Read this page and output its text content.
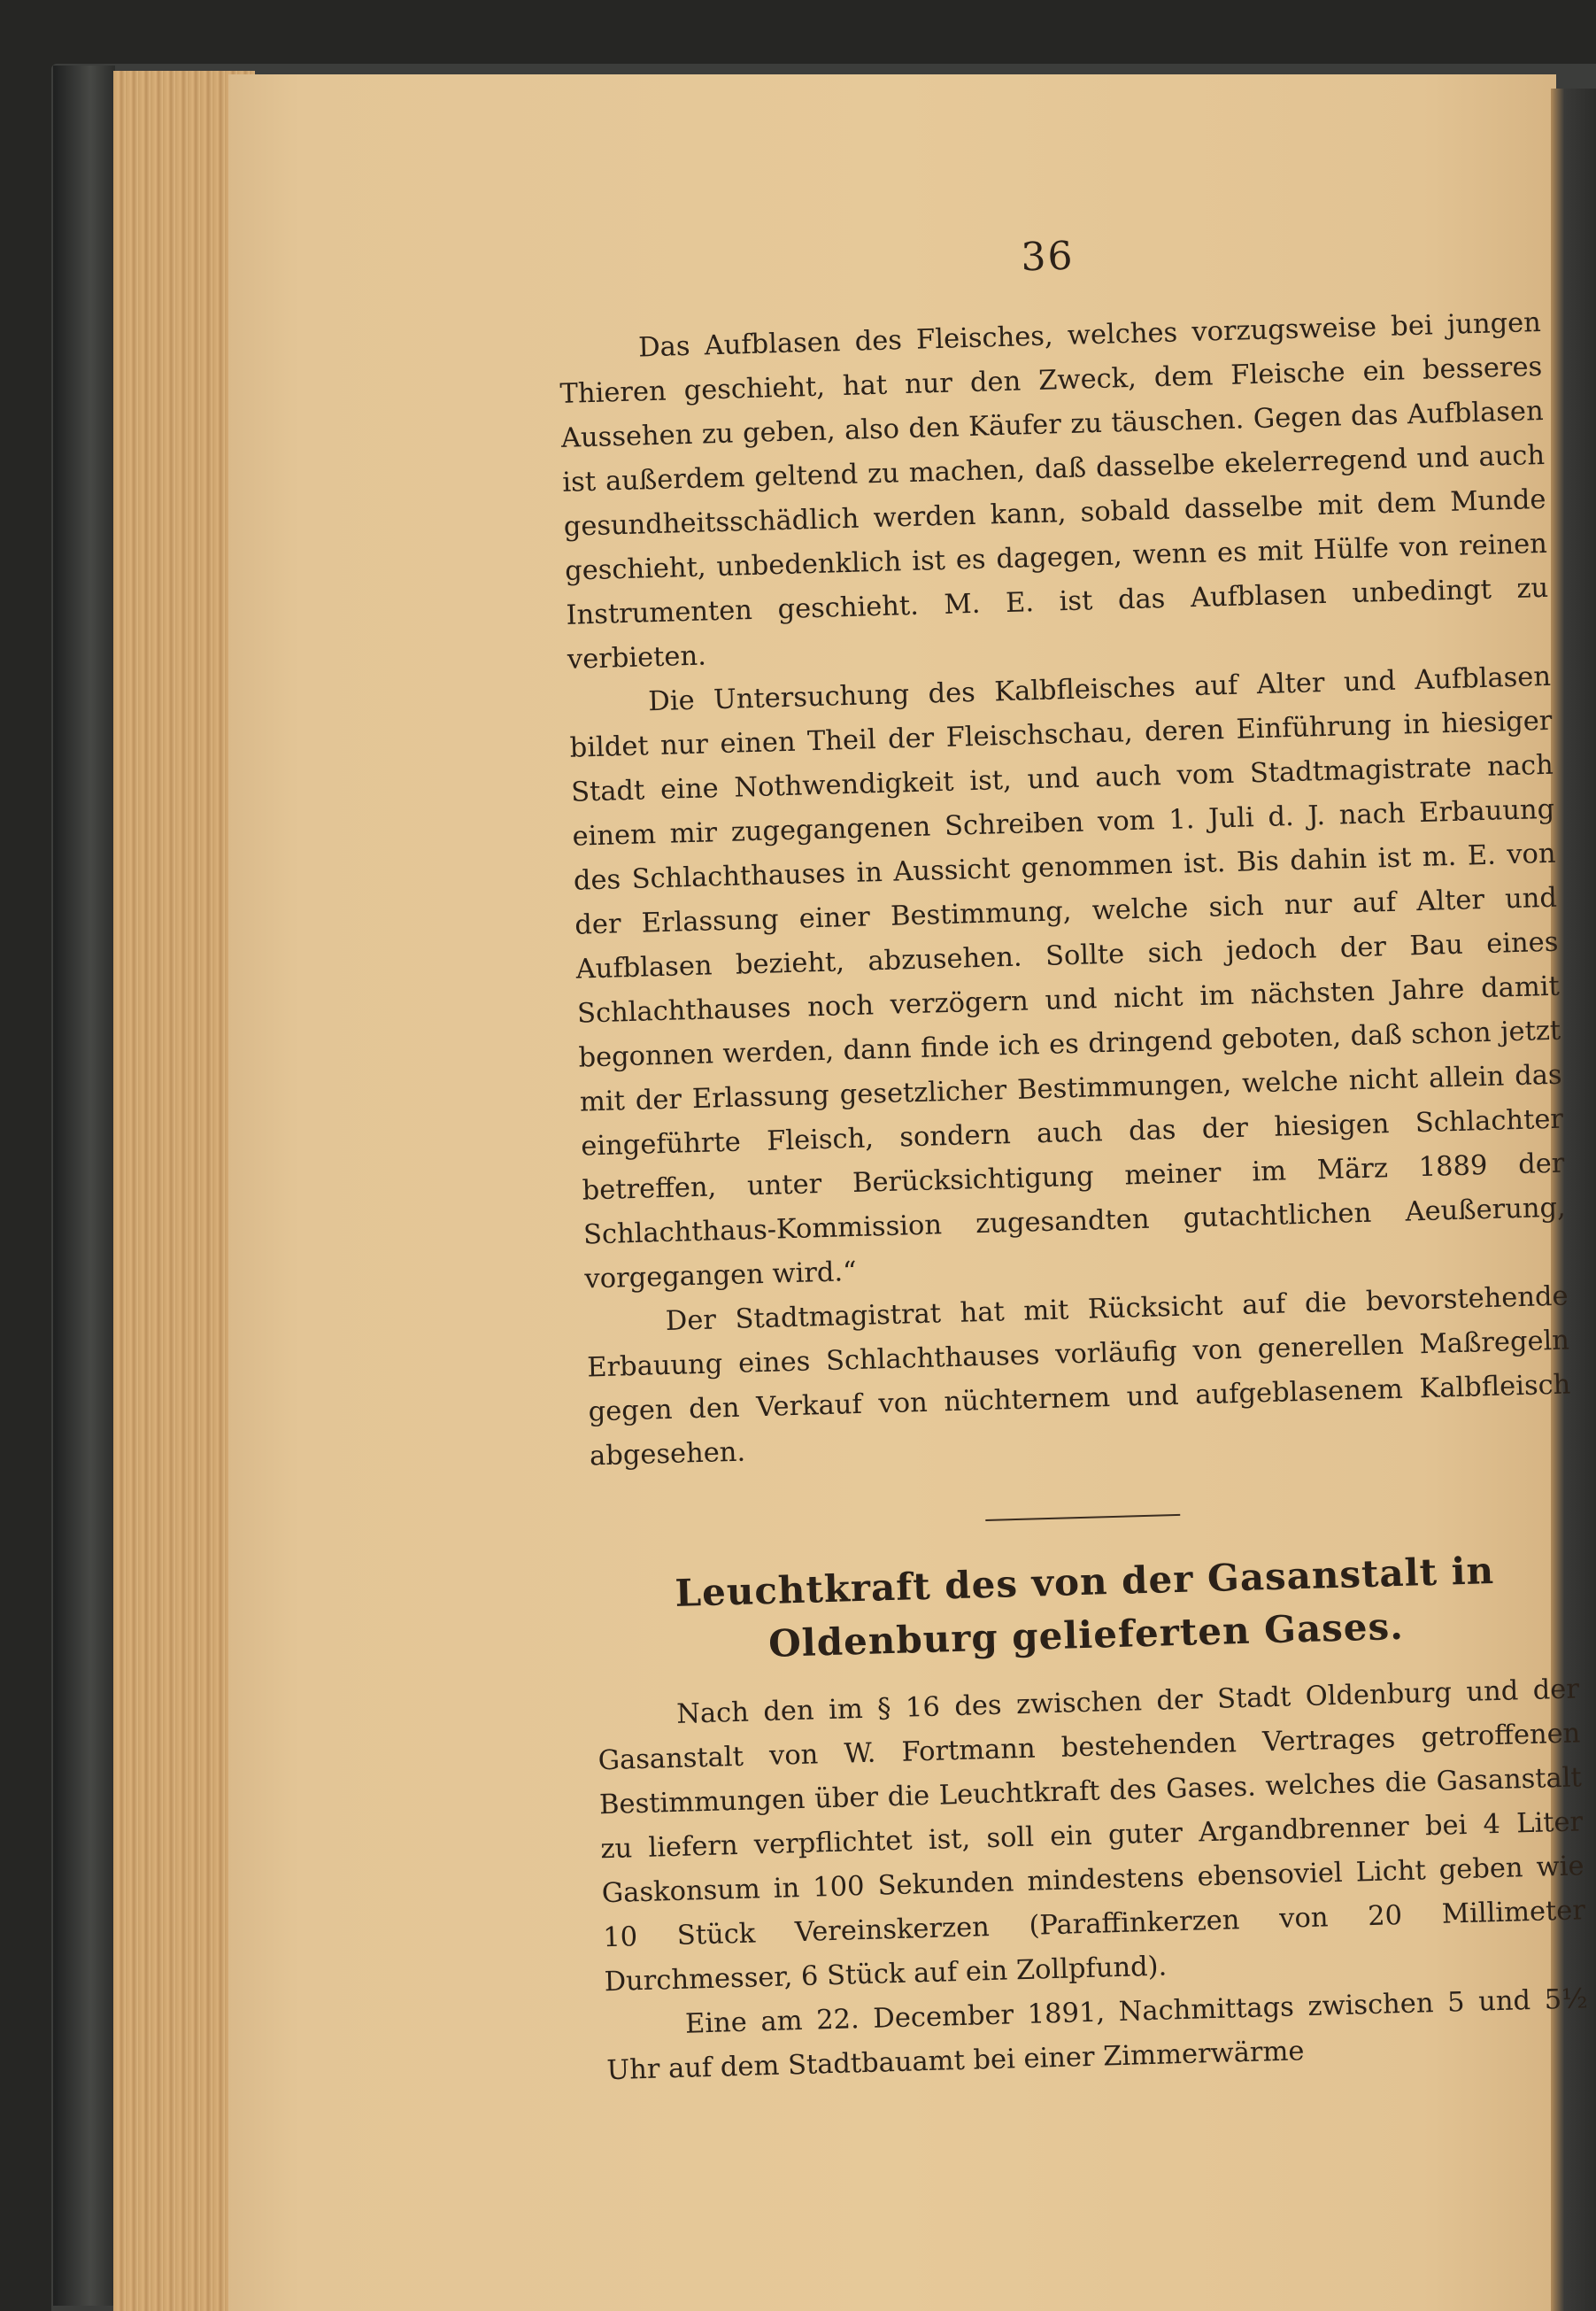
36

Das Aufblasen des Fleisches, welches vorzugsweise bei jungen Thieren geschieht, hat nur den Zweck, dem Fleische ein besseres Aussehen zu geben, also den Käufer zu täuschen. Gegen das Aufblasen ist außerdem geltend zu machen, daß dasselbe ekelerregend und auch gesundheitsschädlich werden kann, sobald dasselbe mit dem Munde geschieht, unbedenklich ist es dagegen, wenn es mit Hülfe von reinen Instrumenten geschieht. M. E. ist das Aufblasen unbedingt zu verbieten.

Die Untersuchung des Kalbfleisches auf Alter und Aufblasen bildet nur einen Theil der Fleischschau, deren Einführung in hiesiger Stadt eine Nothwendigkeit ist, und auch vom Stadtmagistrate nach einem mir zugegangenen Schreiben vom 1. Juli d. J. nach Erbauung des Schlachthauses in Aussicht genommen ist. Bis dahin ist m. E. von der Erlassung einer Bestimmung, welche sich nur auf Alter und Aufblasen bezieht, abzusehen. Sollte sich jedoch der Bau eines Schlachthauses noch verzögern und nicht im nächsten Jahre damit begonnen werden, dann finde ich es dringend geboten, daß schon jetzt mit der Erlassung gesetzlicher Bestimmungen, welche nicht allein das eingeführte Fleisch, sondern auch das der hiesigen Schlachter betreffen, unter Berücksichtigung meiner im März 1889 der Schlachthaus-Kommission zugesandten gutachtlichen Aeußerung, vorgegangen wird.“

Der Stadtmagistrat hat mit Rücksicht auf die bevorstehende Erbauung eines Schlachthauses vorläufig von generellen Maßregeln gegen den Verkauf von nüchternem und aufgeblasenem Kalbfleisch abgesehen.

Leuchtkraft des von der Gasanstalt in Oldenburg gelieferten Gases.

Nach den im § 16 des zwischen der Stadt Oldenburg und der Gasanstalt von W. Fortmann bestehenden Vertrages getroffenen Bestimmungen über die Leuchtkraft des Gases. welches die Gasanstalt zu liefern verpflichtet ist, soll ein guter Argandbrenner bei 4 Liter Gaskonsum in 100 Sekunden mindestens ebensoviel Licht geben wie 10 Stück Vereinskerzen (Paraffinkerzen von 20 Millimeter Durchmesser, 6 Stück auf ein Zollpfund).

Eine am 22. December 1891, Nachmittags zwischen 5 und 5½ Uhr auf dem Stadtbauamt bei einer Zimmerwärme
